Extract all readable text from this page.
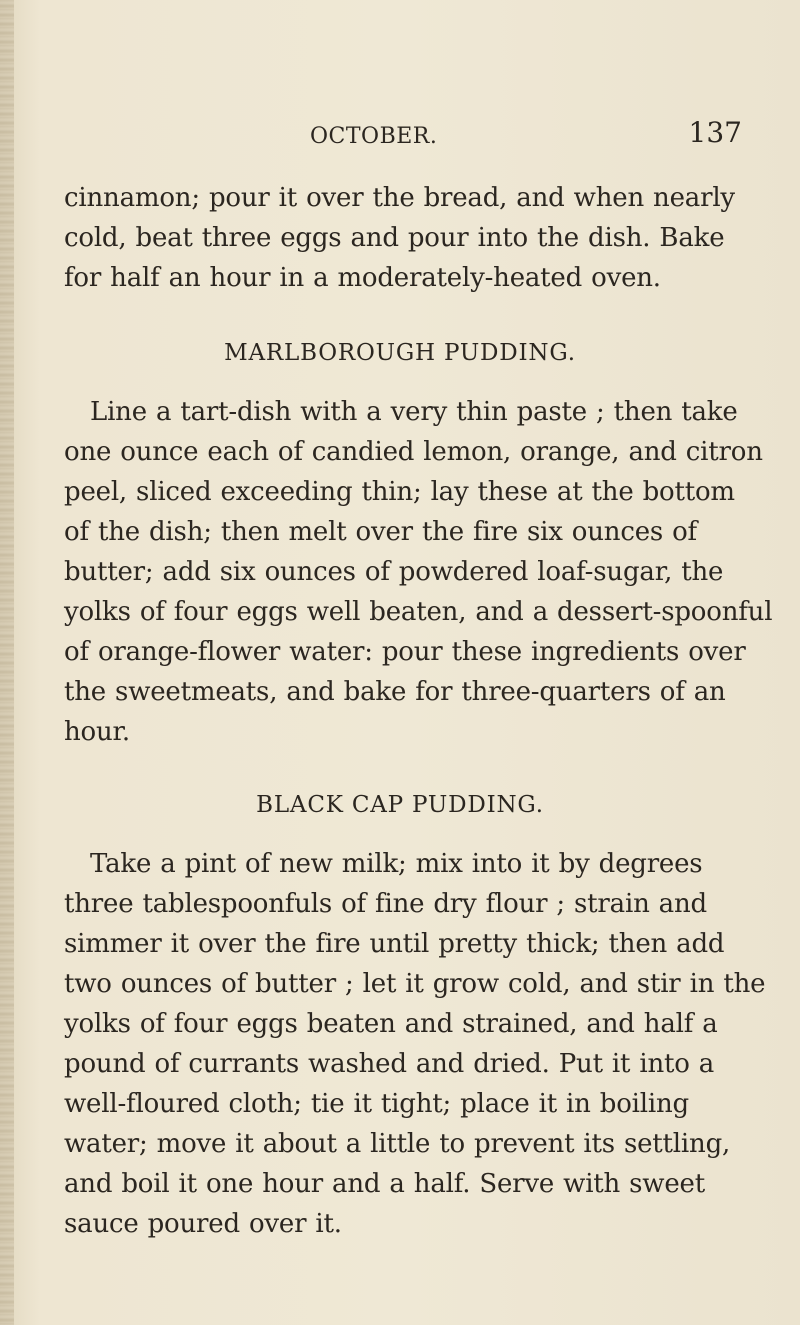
OCTOBER.	137
cinnamon; pour it over the bread, and when nearly
cold, beat three eggs and pour into the dish. Bake
for half an hour in a moderately-heated oven.
MARLBOROUGH PUDDING.
Line a tart-dish with a very thin paste ; then take
one ounce each of candied lemon, orange, and citron
peel, sliced exceeding thin; lay these at the bottom
of the dish; then melt over the fire six ounces of
butter; add six ounces of powdered loaf-sugar, the
yolks of four eggs well beaten, and a dessert-spoonful
of orange-flower water: pour these ingredients over
the sweetmeats, and bake for three-quarters of an
hour.
BLACK CAP PUDDING.
Take a pint of new milk; mix into it by degrees
three tablespoonfuls of fine dry flour ; strain and
simmer it over the fire until pretty thick; then add
two ounces of butter ; let it grow cold, and stir in the
yolks of four eggs beaten and strained, and half a
pound of currants washed and dried. Put it into a
well-floured cloth; tie it tight; place it in boiling
water; move it about a little to prevent its settling,
and boil it one hour and a half. Serve with sweet
sauce poured over it.
